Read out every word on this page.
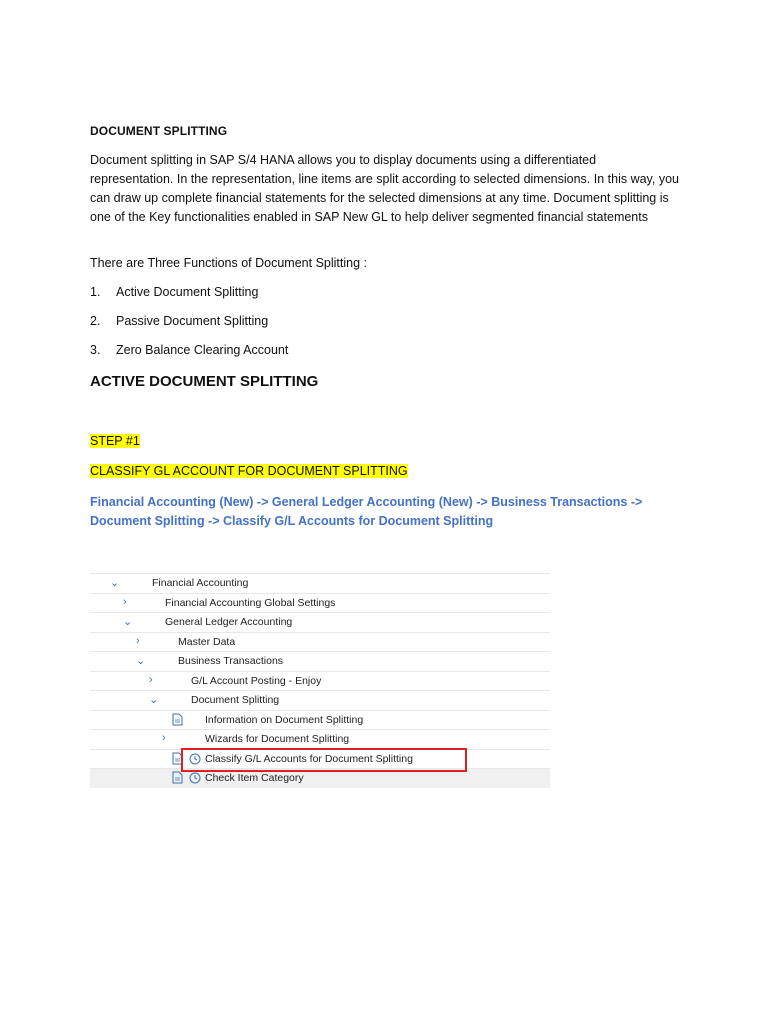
DOCUMENT SPLITTING
Document splitting in SAP S/4 HANA allows you to display documents using a differentiated representation. In the representation, line items are split according to selected dimensions. In this way, you can draw up complete financial statements for the selected dimensions at any time. Document splitting is one of the Key functionalities enabled in SAP New GL to help deliver segmented financial statements
There are Three Functions of Document Splitting :
1. Active Document Splitting
2. Passive Document Splitting
3. Zero Balance Clearing Account
ACTIVE DOCUMENT SPLITTING
STEP #1
CLASSIFY GL ACCOUNT FOR DOCUMENT SPLITTING
Financial Accounting (New) -> General Ledger Accounting (New) -> Business Transactions -> Document Splitting -> Classify G/L Accounts for Document Splitting
⌄	Financial Accounting
›	Financial Accounting Global Settings
⌄	General Ledger Accounting
›	Master Data
⌄	Business Transactions
›	G/L Account Posting - Enjoy
⌄	Document Splitting
Information on Document Splitting
›	Wizards for Document Splitting
Classify G/L Accounts for Document Splitting
Check Item Category
